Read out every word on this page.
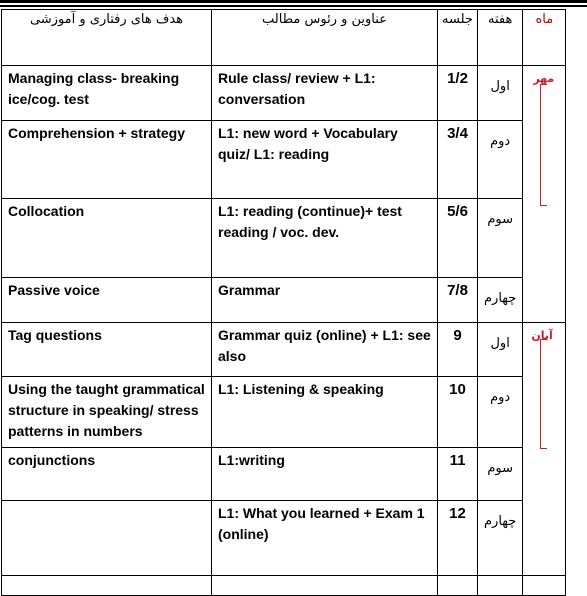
هدف های رفتاری و آموزشی	عناوین و رئوس مطالب	جلسه	هفته	ماه
Managing class- breaking ice/cog. test	Rule class/ review + L1: conversation	1/2	اول	مهر

Comprehension + strategy	L1: new word + Vocabulary quiz/ L1: reading	3/4	دوم	
Collocation	L1: reading (continue)+ test reading / voc. dev.	5/6	سوم	
Passive voice	Grammar	7/8	چهارم	
Tag questions	Grammar quiz (online) + L1: see also	9	اول	آبان

Using the taught grammatical structure in speaking/ stress patterns in numbers	L1: Listening & speaking	10	دوم	
conjunctions	L1:writing	11	سوم	
	L1: What you learned + Exam 1 (online)	12	چهارم	
